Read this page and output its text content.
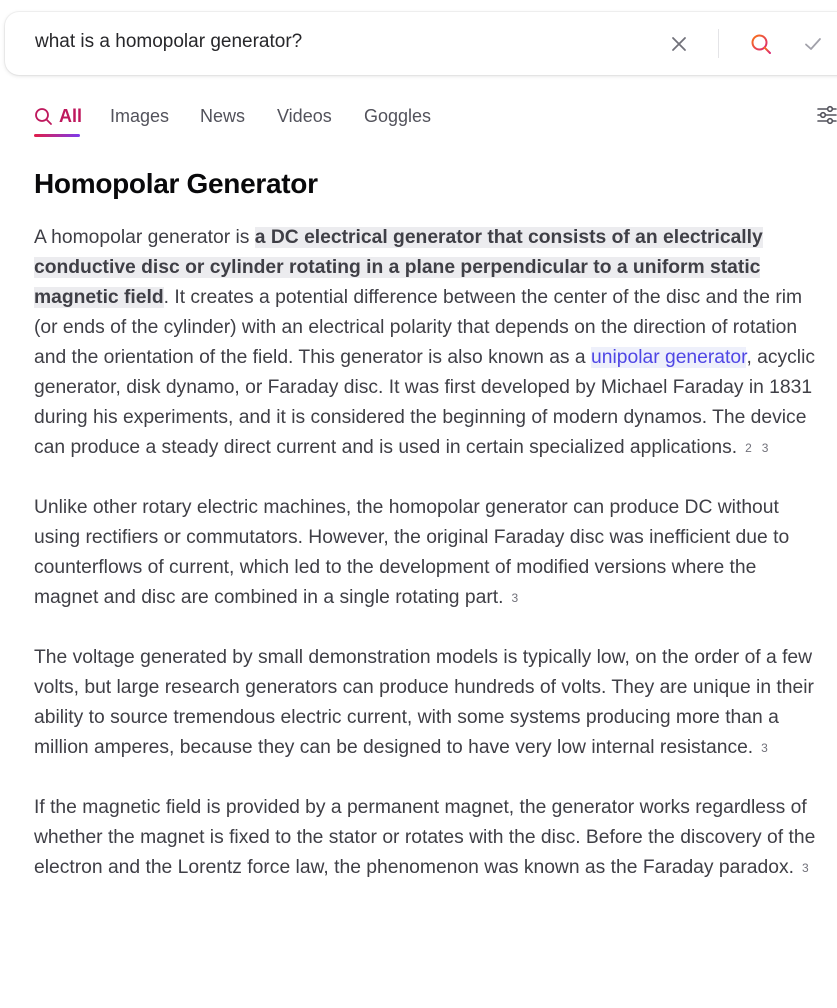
what is a homopolar generator?
All Images News Videos Goggles
Homopolar Generator

A homopolar generator is a DC electrical generator that consists of an electrically conductive disc or cylinder rotating in a plane perpendicular to a uniform static magnetic field. It creates a potential difference between the center of the disc and the rim (or ends of the cylinder) with an electrical polarity that depends on the direction of rotation and the orientation of the field. This generator is also known as a unipolar generator, acyclic generator, disk dynamo, or Faraday disc. It was first developed by Michael Faraday in 1831 during his experiments, and it is considered the beginning of modern dynamos. The device can produce a steady direct current and is used in certain specialized applications. 2 3

Unlike other rotary electric machines, the homopolar generator can produce DC without using rectifiers or commutators. However, the original Faraday disc was inefficient due to counterflows of current, which led to the development of modified versions where the magnet and disc are combined in a single rotating part. 3

The voltage generated by small demonstration models is typically low, on the order of a few volts, but large research generators can produce hundreds of volts. They are unique in their ability to source tremendous electric current, with some systems producing more than a million amperes, because they can be designed to have very low internal resistance. 3

If the magnetic field is provided by a permanent magnet, the generator works regardless of whether the magnet is fixed to the stator or rotates with the disc. Before the discovery of the electron and the Lorentz force law, the phenomenon was known as the Faraday paradox. 3
